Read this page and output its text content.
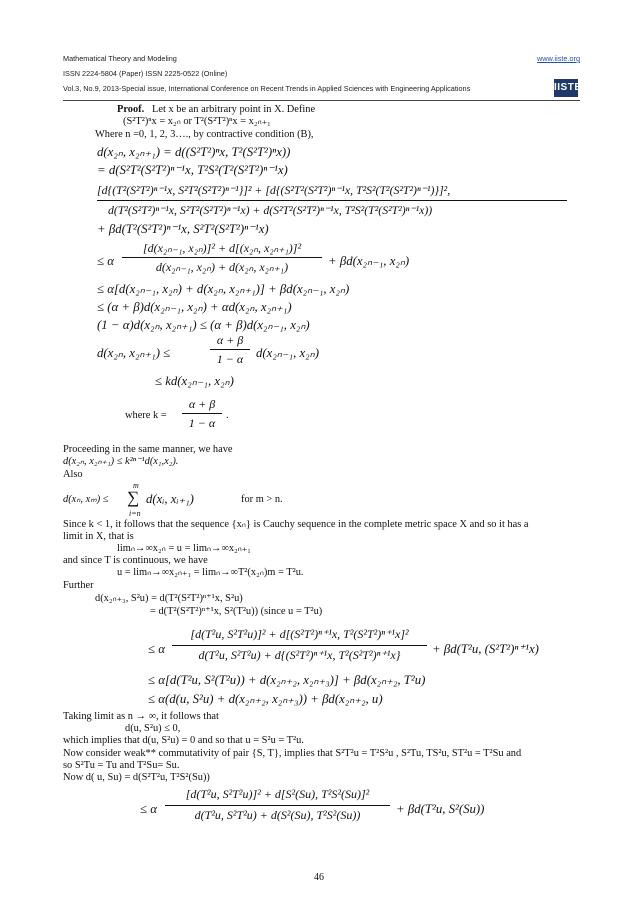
Mathematical Theory and Modeling	www.iiste.org
ISSN 2224-5804 (Paper) ISSN 2225-0522 (Online)
Vol.3, No.9, 2013-Special issue, International Conference on Recent Trends in Applied Sciences with Engineering Applications	IISTE
Proof. Let x be an arbitrary point in X. Define
(S²T²)ⁿx = x₂ₙ or T²(S²T²)ⁿx = x₂ₙ₊₁
Where n =0, 1, 2, 3…., by contractive condition (B),
d(x₂ₙ, x₂ₙ₊₁) = d((S²T²)ⁿx, T²(S²T²)ⁿx))
= d(S²T²(S²T²)ⁿ⁻¹x, T²S²(T²(S²T²)ⁿ⁻¹x)
[d{(T²(S²T²)ⁿ⁻¹x, S²T²(S²T²)ⁿ⁻¹}]² + [d{(S²T²(S²T²)ⁿ⁻¹x, T²S²(T²(S²T²)ⁿ⁻¹)}]²,
d(T²(S²T²)ⁿ⁻¹x, S²T²(S²T²)ⁿ⁻¹x) + d(S²T²(S²T²)ⁿ⁻¹x, T²S²(T²(S²T²)ⁿ⁻¹x))
+ βd(T²(S²T²)ⁿ⁻¹x, S²T²(S²T²)ⁿ⁻¹x)
≤ α
[d(x₂ₙ₋₁, x₂ₙ)]² + d[(x₂ₙ, x₂ₙ₊₁)]²
d(x₂ₙ₋₁, x₂ₙ) + d(x₂ₙ, x₂ₙ₊₁)	+ βd(x₂ₙ₋₁, x₂ₙ)
≤ α[d(x₂ₙ₋₁, x₂ₙ) + d(x₂ₙ, x₂ₙ₊₁)] + βd(x₂ₙ₋₁, x₂ₙ)
≤ (α + β)d(x₂ₙ₋₁, x₂ₙ) + αd(x₂ₙ, x₂ₙ₊₁)
(1 − α)d(x₂ₙ, x₂ₙ₊₁) ≤ (α + β)d(x₂ₙ₋₁, x₂ₙ)
d(x₂ₙ, x₂ₙ₊₁) ≤
α + β
1 − α d(x₂ₙ₋₁, x₂ₙ)
≤ kd(x₂ₙ₋₁, x₂ₙ)
where k =
α + β
1 − α
.
Proceeding in the same manner, we have
d(x₂ₙ, x₂ₙ₊₁) ≤ k²ⁿ⁻¹d(x₁,x₂).
Also
d(xₙ, xₘ) ≤
m
∑
i=n
d(xᵢ, xᵢ₊₁)	for m > n.
Since k < 1, it follows that the sequence {xₙ} is Cauchy sequence in the complete metric space X and so it has a
limit in X, that is
limₙ→∞x₂ₙ = u = limₙ→∞x₂ₙ₊₁
and since T is continuous, we have
u = limₙ→∞x₂ₙ₊₁ = limₙ→∞T²(x₂ₙ)m = T²u.
Further
d(x₂ₙ₊₃, S²u) = d(T²(S²T²)ⁿ⁺¹x, S²u)
= d(T²(S²T²)ⁿ⁺¹x, S²(T²u)) (since u = T²u)
≤ α
[d(T²u, S²T²u)]² + d[(S²T²)ⁿ⁺¹x, T²(S²T²)ⁿ⁺¹x]²
d(T²u, S²T²u) + d{(S²T²)ⁿ⁺¹x, T²(S²T²)ⁿ⁺¹x}	+ βd(T²u, (S²T²)ⁿ⁺¹x)
≤ α[d(T²u, S²(T²u)) + d(x₂ₙ₊₂, x₂ₙ₊₃)] + βd(x₂ₙ₊₂, T²u)
≤ α(d(u, S²u) + d(x₂ₙ₊₂, x₂ₙ₊₃)) + βd(x₂ₙ₊₂, u)
Taking limit as n → ∞, it follows that
d(u, S²u) ≤ 0,
which implies that d(u, S²u) = 0 and so that u = S²u = T²u.
Now consider weak** commutativity of pair {S, T}, implies that S²T²u = T²S²u , S²Tu, TS²u, ST²u = T²Su and
so S²Tu = Tu and T²Su= Su.
Now d( u, Su) = d(S²T²u, T²S²(Su))
≤ α
[d(T²u, S²T²u)]² + d[S²(Su), T²S²(Su)]²
d(T²u, S²T²u) + d(S²(Su), T²S²(Su))	+ βd(T²u, S²(Su))
46
